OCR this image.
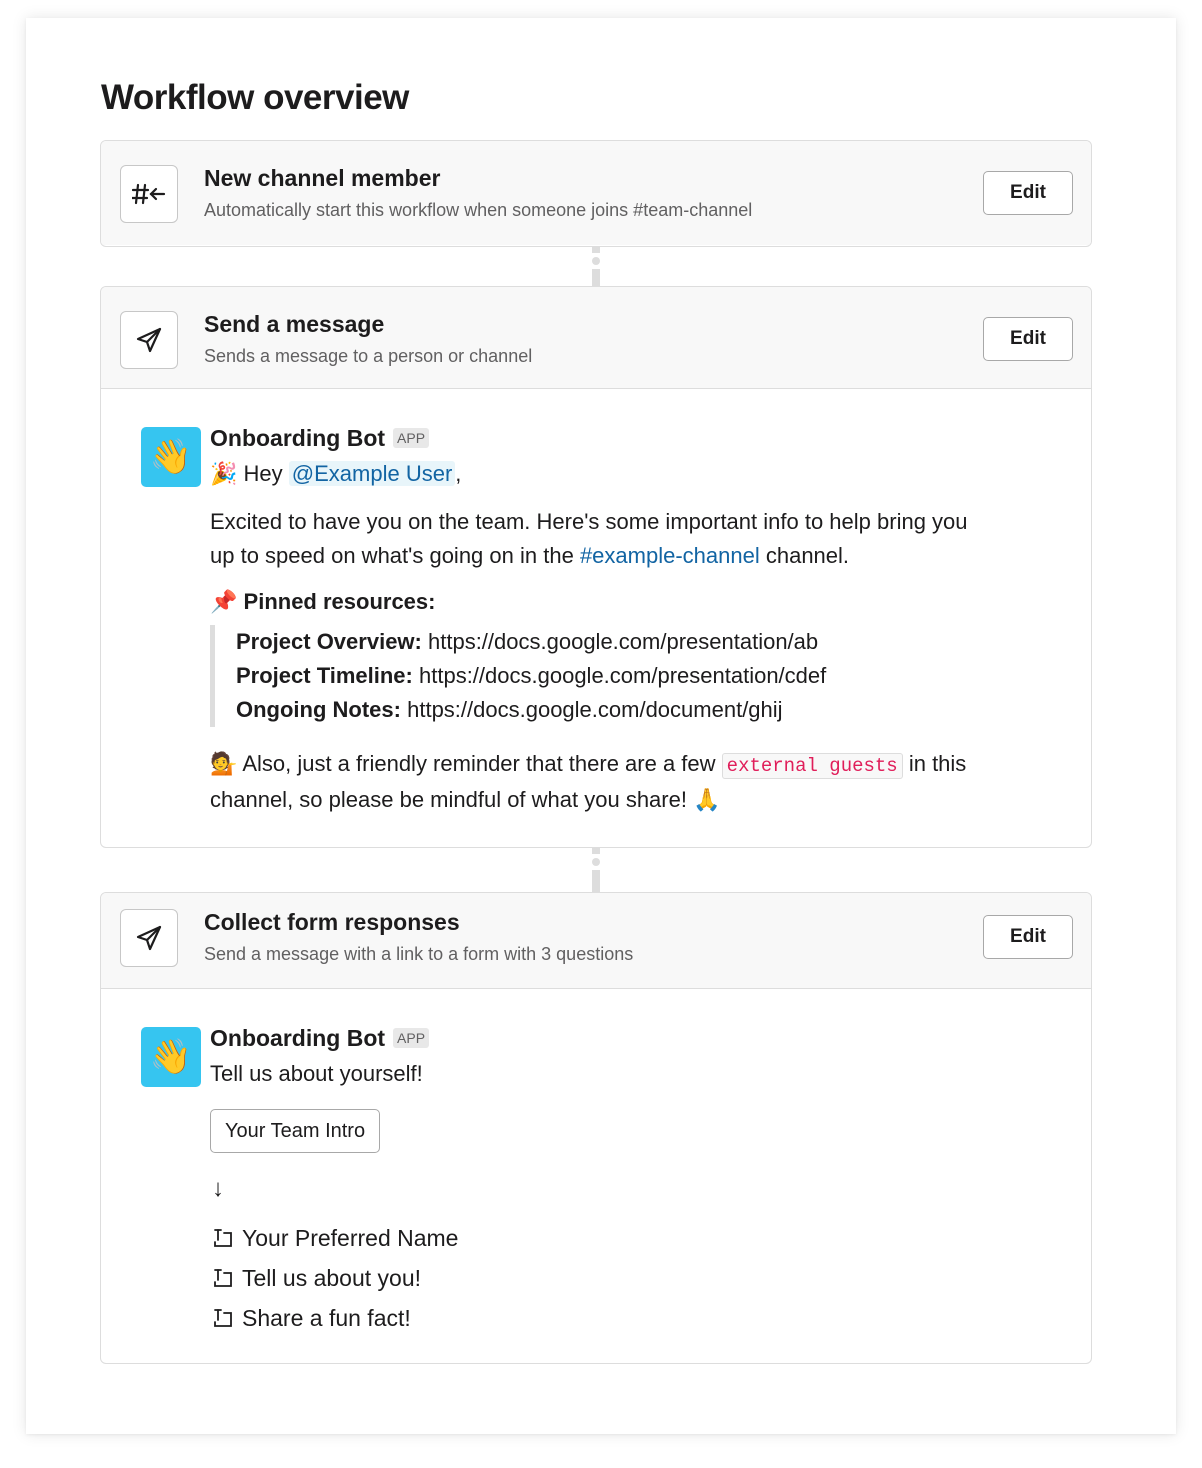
Workflow overview
New channel member
Automatically start this workflow when someone joins #team-channel
Edit
Send a message
Sends a message to a person or channel
Edit
👋 Onboarding Bot APP
🎉 Hey @Example User ,
Excited to have you on the team. Here's some important info to help bring you
up to speed on what's going on in the #example-channel channel.
📌 Pinned resources:
Project Overview: https://docs.google.com/presentation/ab
Project Timeline: https://docs.google.com/presentation/cdef
Ongoing Notes: https://docs.google.com/document/ghij
💁 Also, just a friendly reminder that there are a few external guests in this
channel, so please be mindful of what you share! 🙏
Collect form responses
Send a message with a link to a form with 3 questions
Edit
👋 Onboarding Bot APP
Tell us about yourself!
Your Team Intro
↓
Your Preferred Name
Tell us about you!
Share a fun fact!
